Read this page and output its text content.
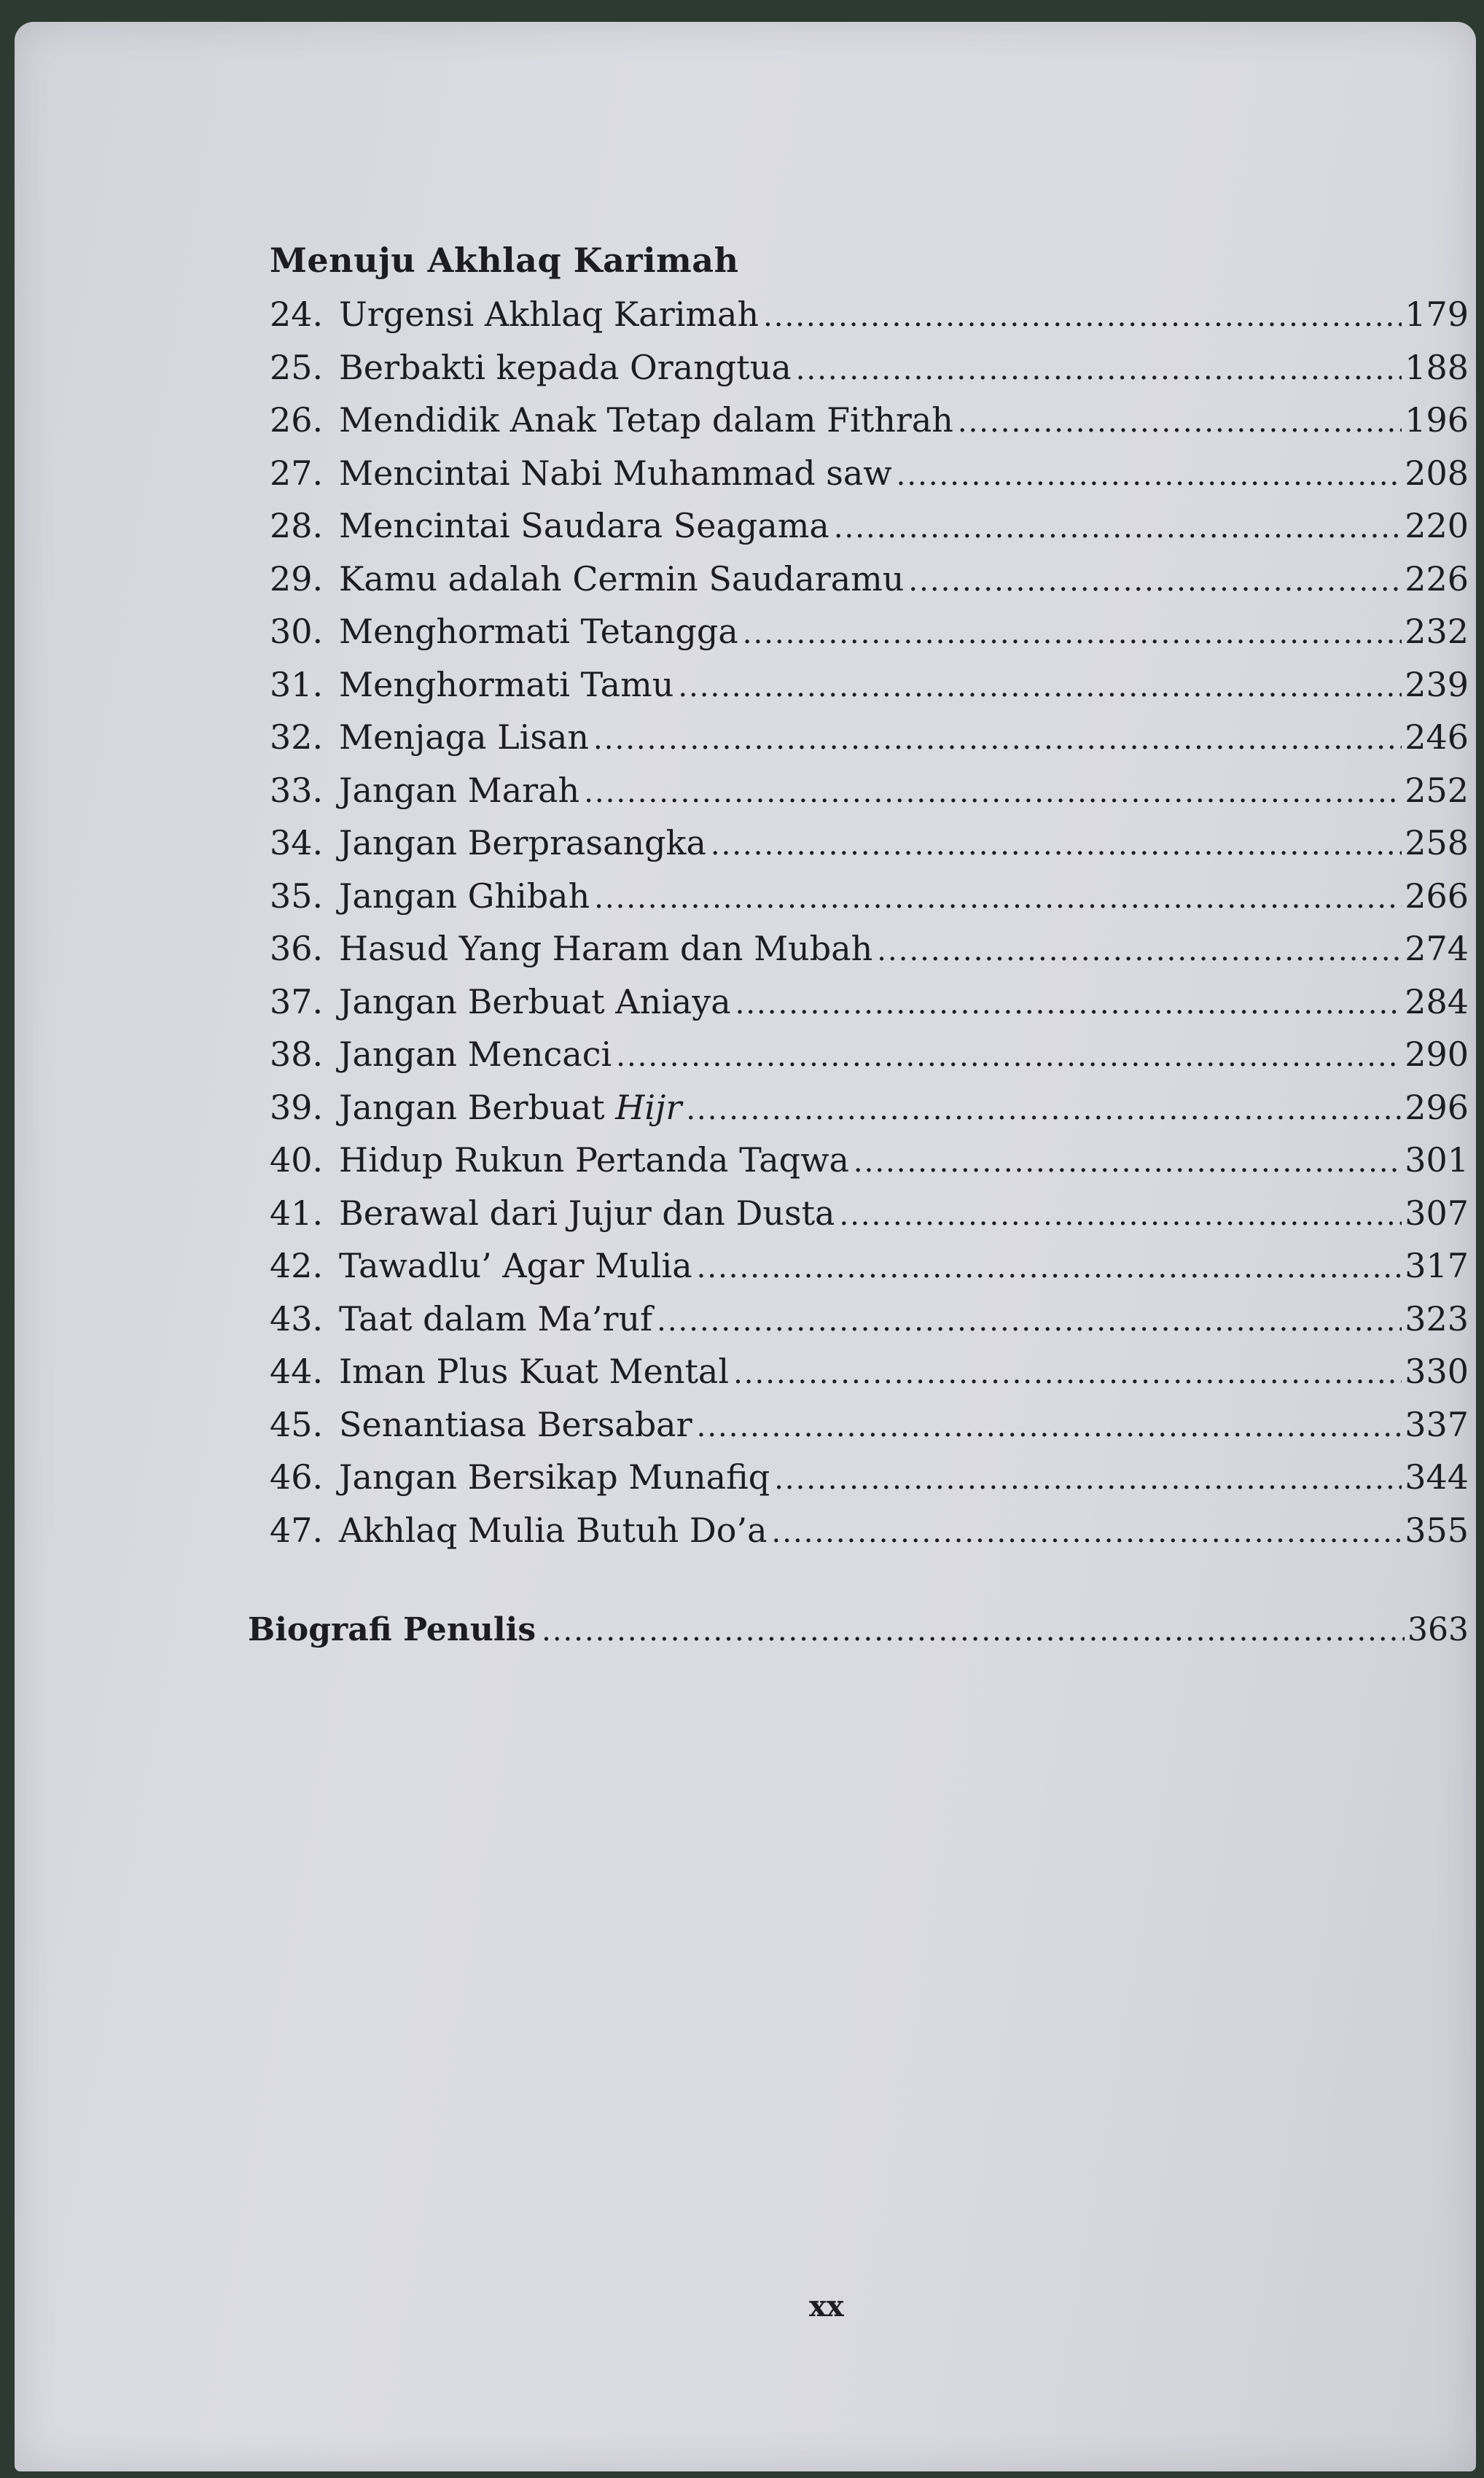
Menuju Akhlaq Karimah
24. Urgensi Akhlaq Karimah .....	179
25. Berbakti kepada Orangtua .....	188
26. Mendidik Anak Tetap dalam Fithrah .....	196
27. Mencintai Nabi Muhammad saw .....	208
28. Mencintai Saudara Seagama .....	220
29. Kamu adalah Cermin Saudaramu .....	226
30. Menghormati Tetangga .....	232
31. Menghormati Tamu .....	239
32. Menjaga Lisan .....	246
33. Jangan Marah .....	252
34. Jangan Berprasangka .....	258
35. Jangan Ghibah .....	266
36. Hasud Yang Haram dan Mubah .....	274
37. Jangan Berbuat Aniaya .....	284
38. Jangan Mencaci .....	290
39. Jangan Berbuat Hijr .....	296
40. Hidup Rukun Pertanda Taqwa .....	301
41. Berawal dari Jujur dan Dusta .....	307
42. Tawadlu’ Agar Mulia .....	317
43. Taat dalam Ma’ruf .....	323
44. Iman Plus Kuat Mental .....	330
45. Senantiasa Bersabar .....	337
46. Jangan Bersikap Munafiq .....	344
47. Akhlaq Mulia Butuh Do’a .....	355
Biografi Penulis .....	363
xx
